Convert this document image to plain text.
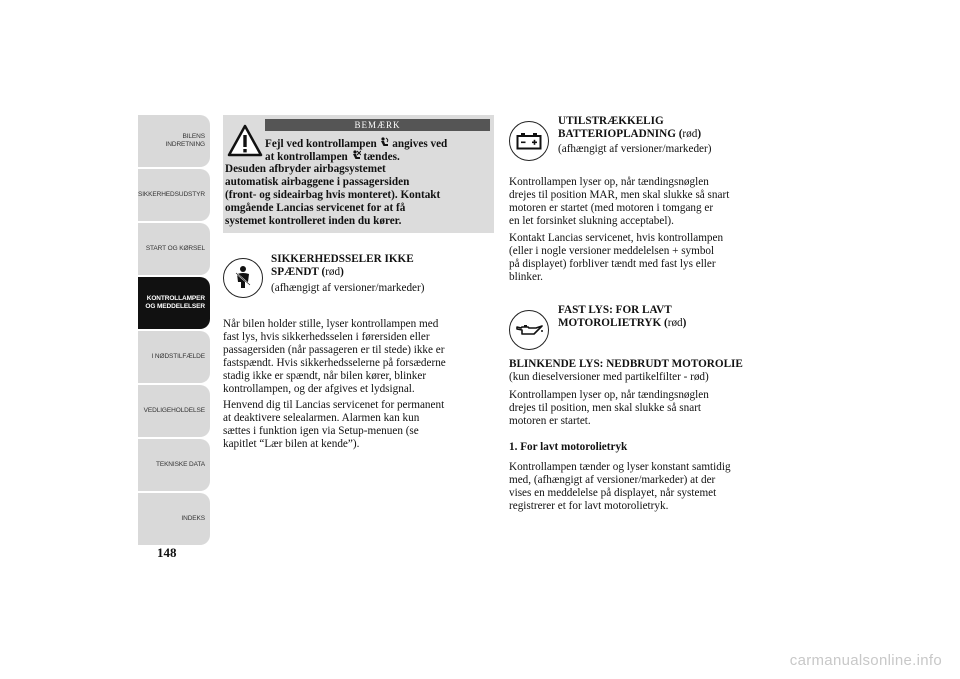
BILENS
INDRETNING
SIKKERHEDSUDSTYR
START OG KØRSEL
KONTROLLAMPER
OG MEDDELELSER
I NØDSTILFÆLDE
VEDLIGEHOLDELSE
TEKNISKE DATA
INDEKS
148
BEMÆRK
Fejl ved kontrollampen angives ved
at kontrollampen tændes.
Desuden afbryder airbagsystemet
automatisk airbaggene i passagersiden
(front- og sideairbag hvis monteret). Kontakt
omgående Lancias servicenet for at få
systemet kontrolleret inden du kører.
SIKKERHEDSSELER IKKE
SPÆNDT (rød)
(afhængigt af versioner/markeder)
Når bilen holder stille, lyser kontrollampen med
fast lys, hvis sikkerhedsselen i førersiden eller
passagersiden (når passageren er til stede) ikke er
fastspændt. Hvis sikkerhedsselerne på forsæderne
stadig ikke er spændt, når bilen kører, blinker
kontrollampen, og der afgives et lydsignal.
Henvend dig til Lancias servicenet for permanent
at deaktivere selealarmen. Alarmen kan kun
sættes i funktion igen via Setup-menuen (se
kapitlet “Lær bilen at kende”).
UTILSTRÆKKELIG
BATTERIOPLADNING (rød)
(afhængigt af versioner/markeder)
Kontrollampen lyser op, når tændingsnøglen
drejes til position MAR, men skal slukke så snart
motoren er startet (med motoren i tomgang er
en let forsinket slukning acceptabel).
Kontakt Lancias servicenet, hvis kontrollampen
(eller i nogle versioner meddelelsen + symbol
på displayet) forbliver tændt med fast lys eller
blinker.
FAST LYS: FOR LAVT
MOTOROLIETRYK (rød)
BLINKENDE LYS: NEDBRUDT MOTOROLIE
(kun dieselversioner med partikelfilter - rød)
Kontrollampen lyser op, når tændingsnøglen
drejes til position, men skal slukke så snart
motoren er startet.
1. For lavt motorolietryk
Kontrollampen tænder og lyser konstant samtidig
med, (afhængigt af versioner/markeder) at der
vises en meddelelse på displayet, når systemet
registrerer et for lavt motorolietryk.
carmanualsonline.info
